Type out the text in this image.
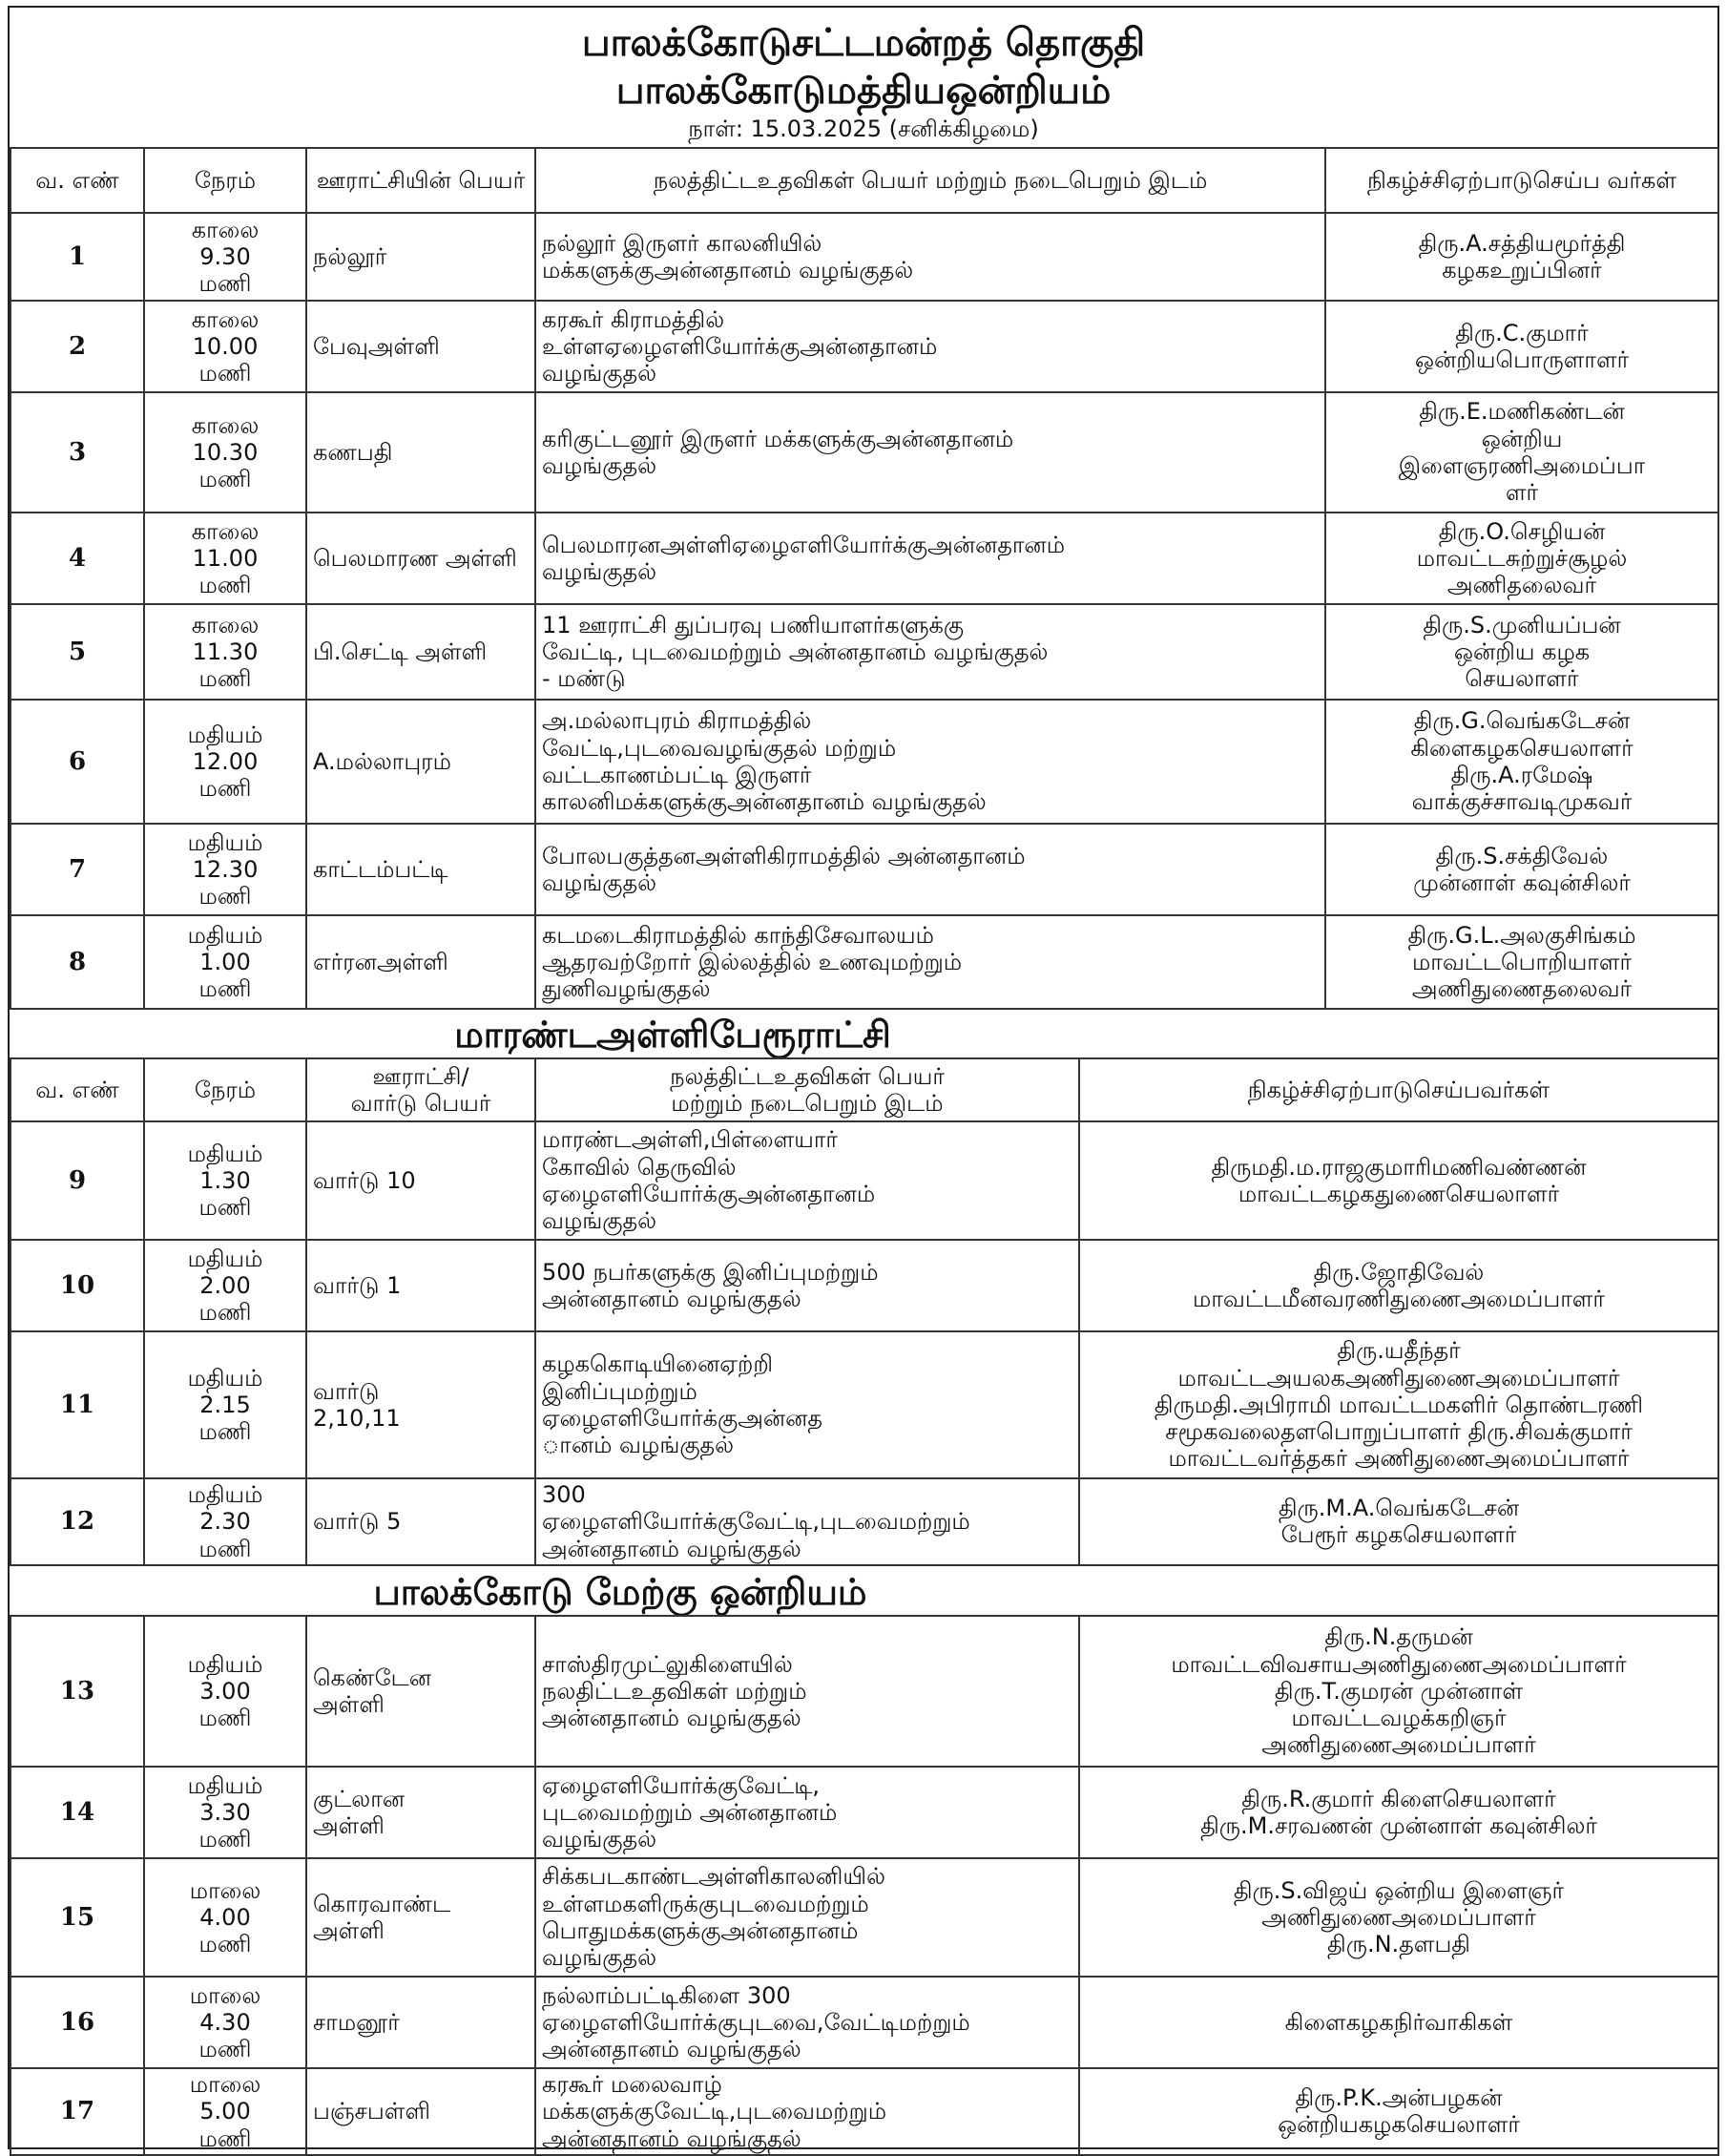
பாலக்கோடுசட்டமன்றத் தொகுதி
பாலக்கோடுமத்தியஒன்றியம்
நாள்: 15.03.2025 (சனிக்கிழமை)
வ. எண்	நேரம்	ஊராட்சியின் பெயர்	நலத்திட்டஉதவிகள் பெயர் மற்றும் நடைபெறும் இடம்	நிகழ்ச்சிஏற்பாடுசெய்ப வர்கள்

1	காலை
9.30
மணி	நல்லூர்	நல்லூர் இருளர் காலனியில்
மக்களுக்குஅன்னதானம் வழங்குதல்	திரு.A.சத்தியமூர்த்தி
கழகஉறுப்பினர்

2	காலை
10.00
மணி	பேவுஅள்ளி	கரகூர் கிராமத்தில்
உள்ளஏழைஎளியோர்க்குஅன்னதானம்
வழங்குதல்	திரு.C.குமார்
ஒன்றியபொருளாளர்

3	காலை
10.30
மணி	கணபதி	கரிகுட்டனூர் இருளர் மக்களுக்குஅன்னதானம்
வழங்குதல்	திரு.E.மணிகண்டன்
ஒன்றிய
இளைஞரணிஅமைப்பா
ளர்

4	காலை
11.00
மணி	பெலமாரண அள்ளி	பெலமாரனஅள்ளிஏழைஎளியோர்க்குஅன்னதானம்
வழங்குதல்	திரு.O.செழியன்
மாவட்டசுற்றுச்சூழல்
அணிதலைவர்

5	காலை
11.30
மணி	பி.செட்டி அள்ளி	11 ஊராட்சி துப்பரவு பணியாளர்களுக்கு
வேட்டி, புடவைமற்றும் அன்னதானம் வழங்குதல்
- மண்டு	திரு.S.முனியப்பன்
ஒன்றிய கழக
செயலாளர்

6	மதியம்
12.00
மணி	A.மல்லாபுரம்	அ.மல்லாபுரம் கிராமத்தில்
வேட்டி,புடவைவழங்குதல் மற்றும்
வட்டகாணம்பட்டி இருளர்
காலனிமக்களுக்குஅன்னதானம் வழங்குதல்	திரு.G.வெங்கடேசன்
கிளைகழகசெயலாளர்
திரு.A.ரமேஷ்
வாக்குச்சாவடிமுகவர்

7	மதியம்
12.30
மணி	காட்டம்பட்டி	போலபகுத்தனஅள்ளிகிராமத்தில் அன்னதானம்
வழங்குதல்	திரு.S.சக்திவேல்
முன்னாள் கவுன்சிலர்

8	மதியம்
1.00
மணி	எர்ரனஅள்ளி	கடமடைகிராமத்தில் காந்திசேவாலயம்
ஆதரவற்றோர் இல்லத்தில் உணவுமற்றும்
துணிவழங்குதல்	திரு.G.L.அலகுசிங்கம்
மாவட்டபொறியாளர்
அணிதுணைதலைவர்
மாரண்டஅள்ளிபேரூராட்சி
வ. எண்	நேரம்	ஊராட்சி/
வார்டு பெயர்	நலத்திட்டஉதவிகள் பெயர்
மற்றும் நடைபெறும் இடம்	நிகழ்ச்சிஏற்பாடுசெய்பவர்கள்

9	மதியம்
1.30
மணி	வார்டு 10	மாரண்டஅள்ளி,பிள்ளையார்
கோவில் தெருவில்
ஏழைஎளியோர்க்குஅன்னதானம்
வழங்குதல்	திருமதி.ம.ராஜகுமாரிமணிவண்ணன்
மாவட்டகழகதுணைசெயலாளர்

10	மதியம்
2.00
மணி	வார்டு 1	500 நபர்களுக்கு இனிப்புமற்றும்
அன்னதானம் வழங்குதல்	திரு.ஜோதிவேல்
மாவட்டமீனவரணிதுணைஅமைப்பாளர்

11	மதியம்
2.15
மணி	வார்டு
2,10,11	கழககொடியினைஏற்றி
இனிப்புமற்றும்
ஏழைஎளியோர்க்குஅன்னத
ானம் வழங்குதல்	திரு.யதீந்தர்
மாவட்டஅயலகஅணிதுணைஅமைப்பாளர்
திருமதி.அபிராமி மாவட்டமகளிர் தொண்டரணி
சமூகவலைதளபொறுப்பாளர் திரு.சிவக்குமார்
மாவட்டவர்த்தகர் அணிதுணைஅமைப்பாளர்

12	மதியம்
2.30
மணி	வார்டு 5	300
ஏழைஎளியோர்க்குவேட்டி,புடவைமற்றும்
அன்னதானம் வழங்குதல்	திரு.M.A.வெங்கடேசன்
பேரூர் கழகசெயலாளர்
பாலக்கோடு மேற்கு ஒன்றியம்
13	மதியம்
3.00
மணி	கெண்டேன
அள்ளி	சாஸ்திரமுட்லுகிளையில்
நலதிட்டஉதவிகள் மற்றும்
அன்னதானம் வழங்குதல்	திரு.N.தருமன்
மாவட்டவிவசாயஅணிதுணைஅமைப்பாளர்
திரு.T.குமரன் முன்னாள்
மாவட்டவழக்கறிஞர்
அணிதுணைஅமைப்பாளர்

14	மதியம்
3.30
மணி	குட்லான
அள்ளி	ஏழைஎளியோர்க்குவேட்டி,
புடவைமற்றும் அன்னதானம்
வழங்குதல்	திரு.R.குமார் கிளைசெயலாளர்
திரு.M.சரவணன் முன்னாள் கவுன்சிலர்

15	மாலை
4.00
மணி	கொரவாண்ட
அள்ளி	சிக்கபடகாண்டஅள்ளிகாலனியில்
உள்ளமகளிருக்குபுடவைமற்றும்
பொதுமக்களுக்குஅன்னதானம்
வழங்குதல்	திரு.S.விஜய் ஒன்றிய இளைஞர்
அணிதுணைஅமைப்பாளர்
திரு.N.தளபதி

16	மாலை
4.30
மணி	சாமனூர்	நல்லாம்பட்டிகிளை 300
ஏழைஎளியோர்க்குபுடவை,வேட்டிமற்றும்
அன்னதானம் வழங்குதல்	கிளைகழகநிர்வாகிகள்

17	மாலை
5.00
மணி	பஞ்சபள்ளி	கரகூர் மலைவாழ்
மக்களுக்குவேட்டி,புடவைமற்றும்
அன்னதானம் வழங்குதல்	திரு.P.K.அன்பழகன்
ஒன்றியகழகசெயலாளர்
